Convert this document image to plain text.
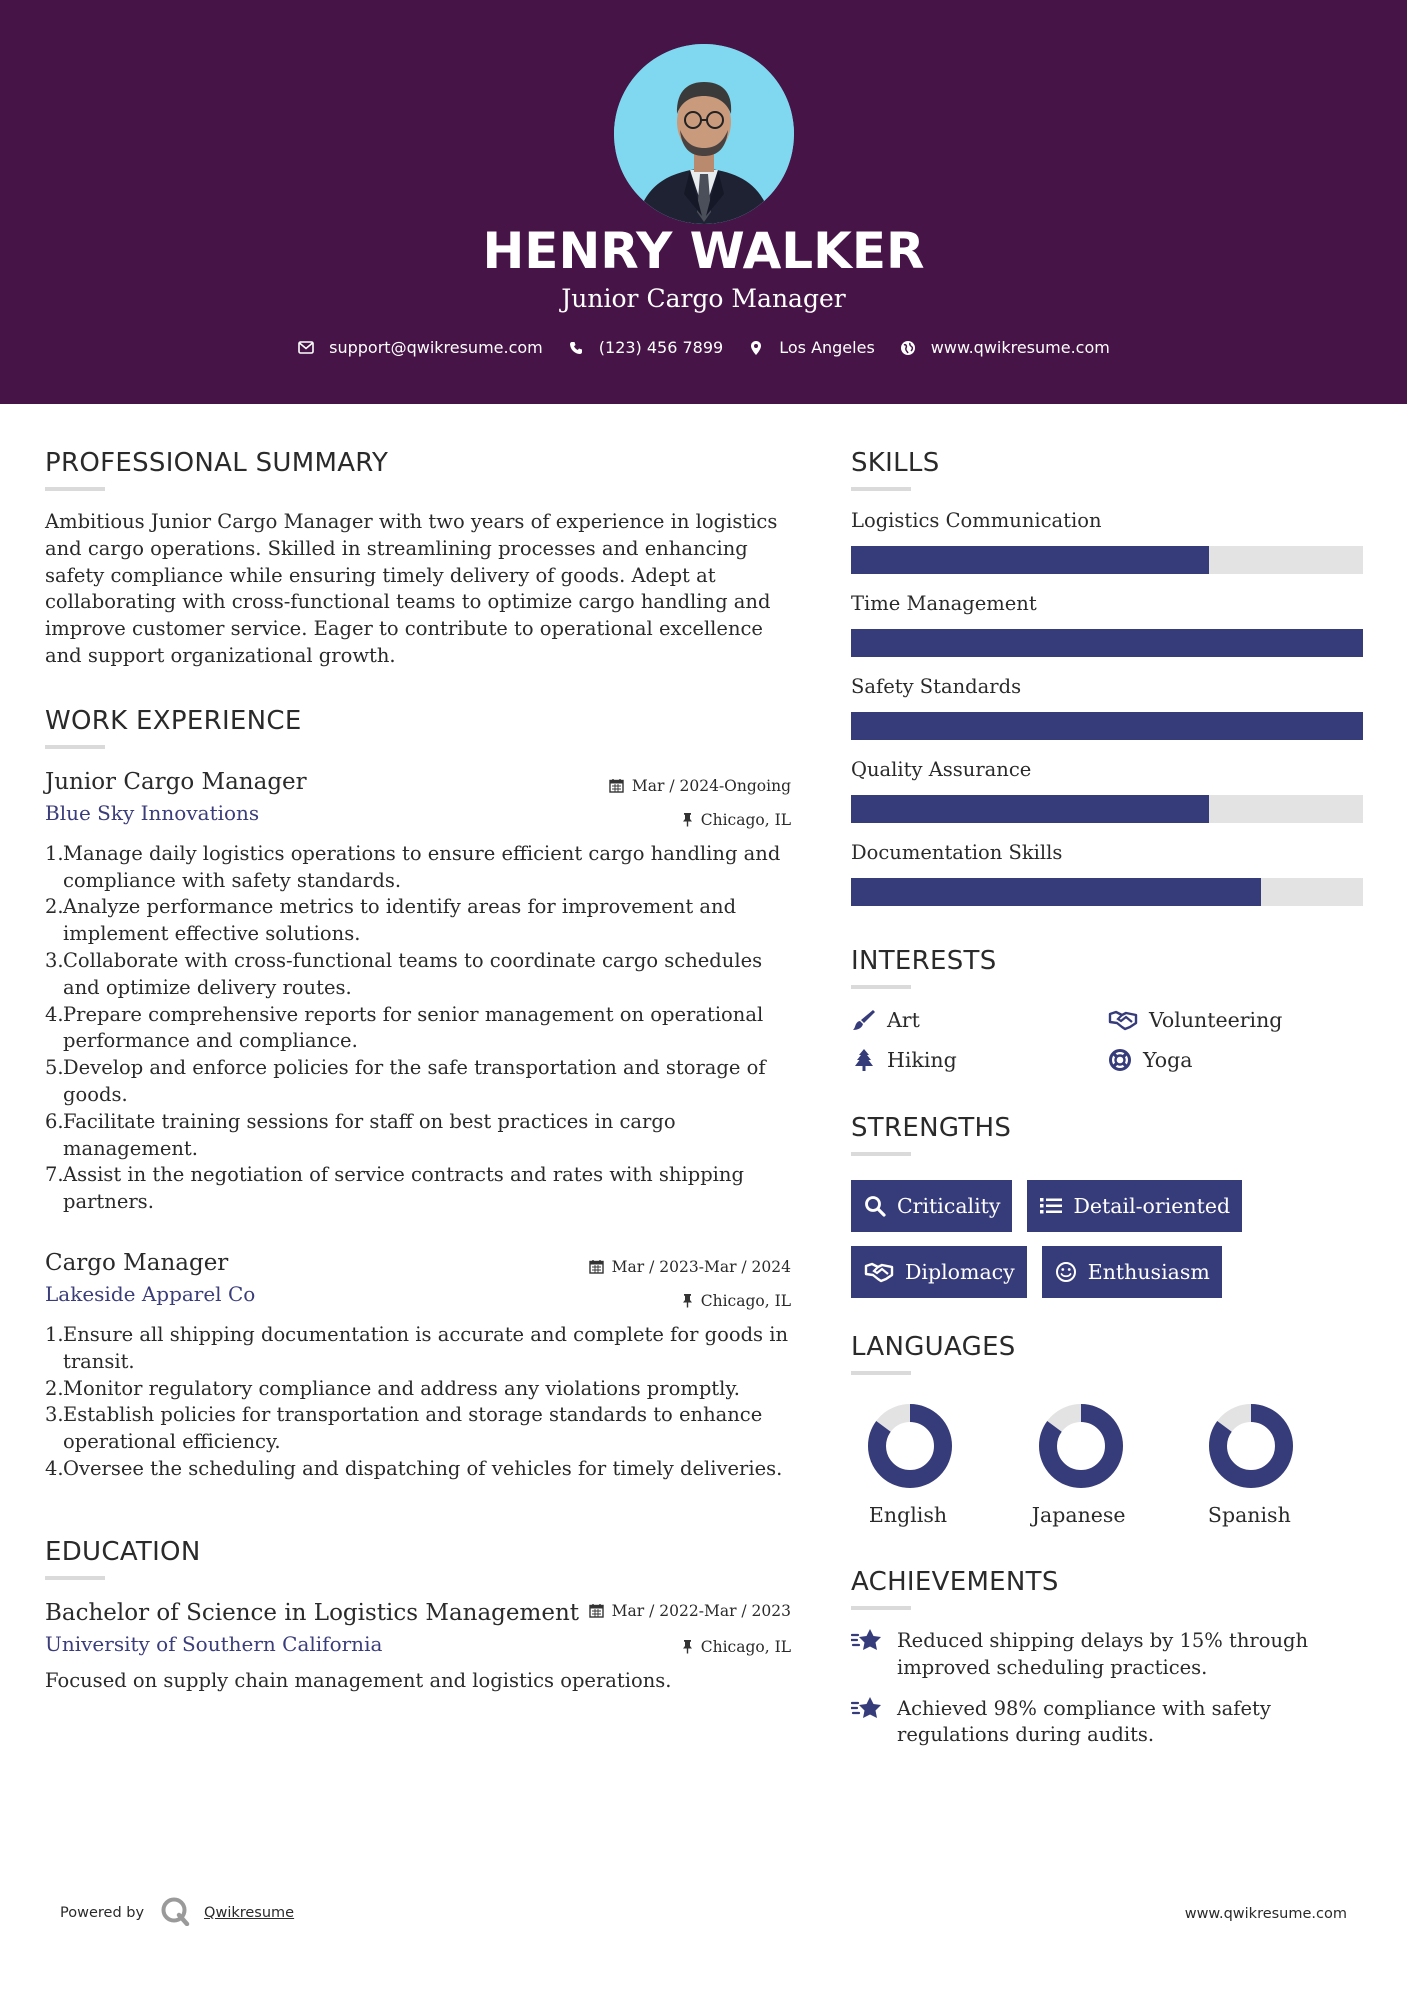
HENRY WALKER
Junior Cargo Manager
support@qwikresume.com	(123) 456 7899	Los Angeles	www.qwikresume.com
PROFESSIONAL SUMMARY
Ambitious Junior Cargo Manager with two years of experience in logistics and cargo operations. Skilled in streamlining processes and enhancing safety compliance while ensuring timely delivery of goods. Adept at collaborating with cross-functional teams to optimize cargo handling and improve customer service. Eager to contribute to operational excellence and support organizational growth.
WORK EXPERIENCE
Junior Cargo Manager
Blue Sky Innovations
Mar / 2024-Ongoing
Chicago, IL
1. Manage daily logistics operations to ensure efficient cargo handling and compliance with safety standards.
2. Analyze performance metrics to identify areas for improvement and implement effective solutions.
3. Collaborate with cross-functional teams to coordinate cargo schedules and optimize delivery routes.
4. Prepare comprehensive reports for senior management on operational performance and compliance.
5. Develop and enforce policies for the safe transportation and storage of goods.
6. Facilitate training sessions for staff on best practices in cargo management.
7. Assist in the negotiation of service contracts and rates with shipping partners.
Cargo Manager
Lakeside Apparel Co
Mar / 2023-Mar / 2024
Chicago, IL
1. Ensure all shipping documentation is accurate and complete for goods in transit.
2. Monitor regulatory compliance and address any violations promptly.
3. Establish policies for transportation and storage standards to enhance operational efficiency.
4. Oversee the scheduling and dispatching of vehicles for timely deliveries.
EDUCATION
Bachelor of Science in Logistics Management
University of Southern California
Mar / 2022-Mar / 2023
Chicago, IL
Focused on supply chain management and logistics operations.
SKILLS
Logistics Communication
Time Management
Safety Standards
Quality Assurance
Documentation Skills
INTERESTS
Art	Volunteering
Hiking	Yoga
STRENGTHS
Criticality	Detail-oriented
Diplomacy	Enthusiasm
LANGUAGES
English	Japanese	Spanish
ACHIEVEMENTS
Reduced shipping delays by 15% through improved scheduling practices.
Achieved 98% compliance with safety regulations during audits.
Powered by	Qwikresume	www.qwikresume.com
